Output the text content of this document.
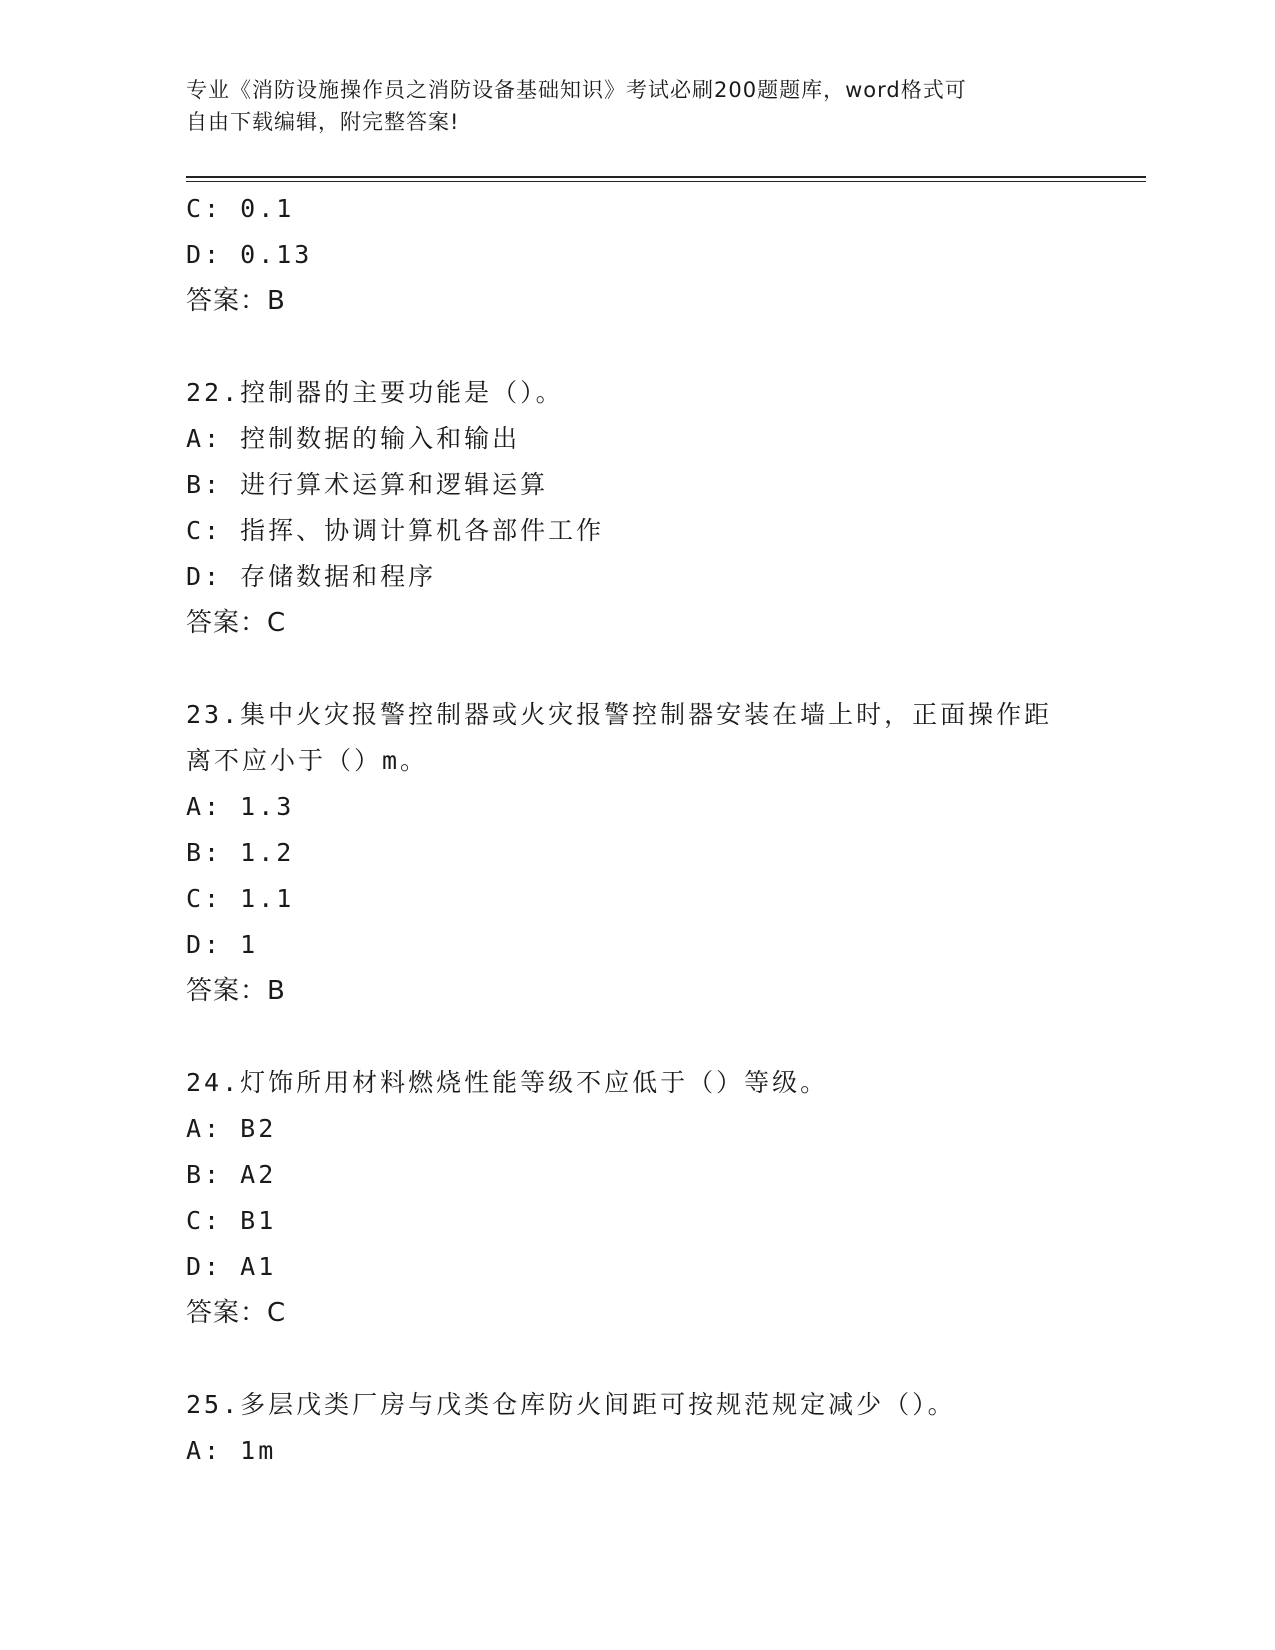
专业《消防设施操作员之消防设备基础知识》考试必刷200题题库，word格式可
自由下载编辑，附完整答案!
C: 0.1
D: 0.13
答案：B
22.控制器的主要功能是（）。
A: 控制数据的输入和输出
B: 进行算术运算和逻辑运算
C: 指挥、协调计算机各部件工作
D: 存储数据和程序
答案：C
23.集中火灾报警控制器或火灾报警控制器安装在墙上时，正面操作距
离不应小于（）m。
A: 1.3
B: 1.2
C: 1.1
D: 1
答案：B
24.灯饰所用材料燃烧性能等级不应低于（）等级。
A: B2
B: A2
C: B1
D: A1
答案：C
25.多层戊类厂房与戊类仓库防火间距可按规范规定减少（）。
A: 1m
